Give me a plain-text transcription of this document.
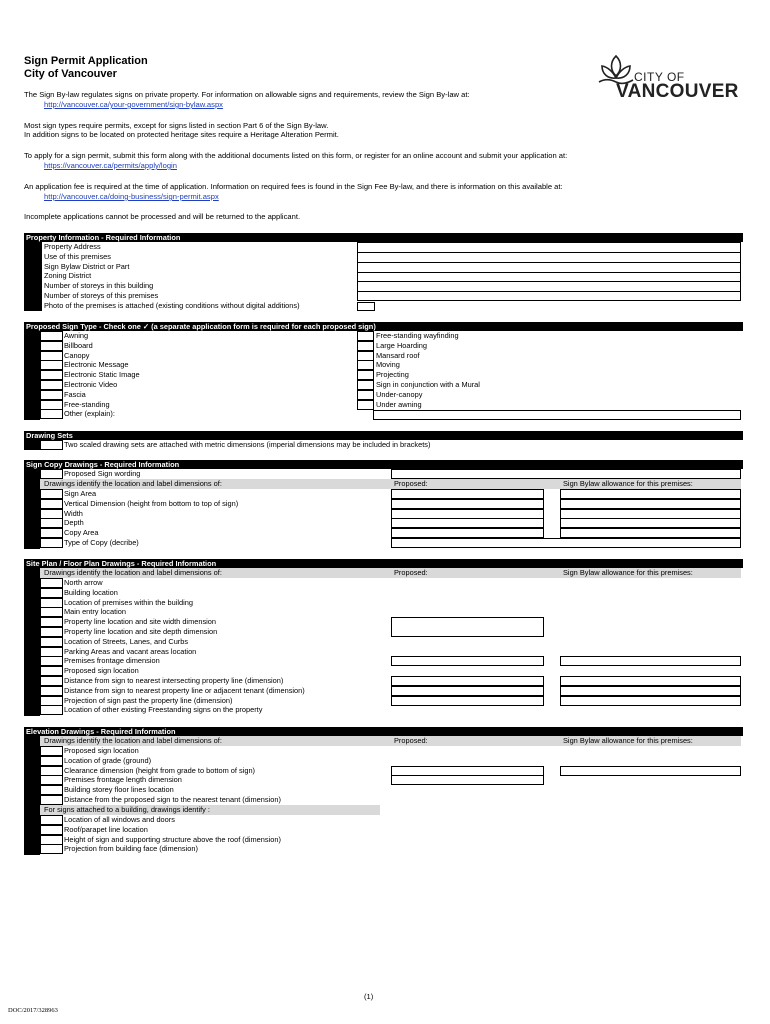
Sign Permit Application
City of Vancouver	CITY OF
VANCOUVER
The Sign By-law regulates signs on private property. For information on allowable signs and requirements, review the Sign By-law at:
http://vancouver.ca/your-government/sign-bylaw.aspx
Most sign types require permits, except for signs listed in section Part 6 of the Sign By-law.
In addition signs to be located on protected heritage sites require a Heritage Alteration Permit.
To apply for a sign permit, submit this form along with the additional documents listed on this form, or register for an online account and submit your application at:
https://vancouver.ca/permits/apply/login
An application fee is required at the time of application. Information on required fees is found in the Sign Fee By-law, and there is information on this available at:
http://vancouver.ca/doing-business/sign-permit.aspx
Incomplete applications cannot be processed and will be returned to the applicant.
Property Information - Required Information
Property Address
Use of this premises
Sign Bylaw District or Part
Zoning District
Number of storeys in this building
Number of storeys of this premises
Photo of the premises is attached (existing conditions without digital additions)
Proposed Sign Type - Check one ✓ (a separate application form is required for each proposed sign)
Awning
Billboard
Canopy
Electronic Message
Electronic Static Image
Electronic Video
Fascia
Free-standing
Other (explain):
Free-standing wayfinding
Large Hoarding
Mansard roof
Moving
Projecting
Sign in conjunction with a Mural
Under-canopy
Under awning
Drawing Sets
Two scaled drawing sets are attached with metric dimensions (imperial dimensions may be included in brackets)
Sign Copy Drawings - Required Information
Proposed Sign wording
Drawings identify the location and label dimensions of:	Proposed:	Sign Bylaw allowance for this premises:
Sign Area
Vertical Dimension (height from bottom to top of sign)
Width
Depth
Copy Area
Type of Copy (decribe)
Site Plan / Floor Plan Drawings - Required Information
Drawings identify the location and label dimensions of:	Proposed:	Sign Bylaw allowance for this premises:
North arrow
Building location
Location of premises within the building
Main entry location
Property line location and site width dimension
Property line location and site depth dimension
Location of Streets, Lanes, and Curbs
Parking Areas and vacant areas location
Premises frontage dimension
Proposed sign location
Distance from sign to nearest intersecting property line (dimension)
Distance from sign to nearest property line or adjacent tenant (dimension)
Projection of sign past the property line (dimension)
Location of other existing Freestanding signs on the property
Elevation Drawings - Required Information
Drawings identify the location and label dimensions of:	Proposed:	Sign Bylaw allowance for this premises:
Proposed sign location
Location of grade (ground)
Clearance dimension (height from grade to bottom of sign)
Premises frontage length dimension
Building storey floor lines location
Distance from the proposed sign to the nearest tenant (dimension)
For signs attached to a building, drawings identify :
Location of all windows and doors
Roof/parapet line location
Height of sign and supporting structure above the roof (dimension)
Projection from building face (dimension)
(1)
DOC/2017/328963
